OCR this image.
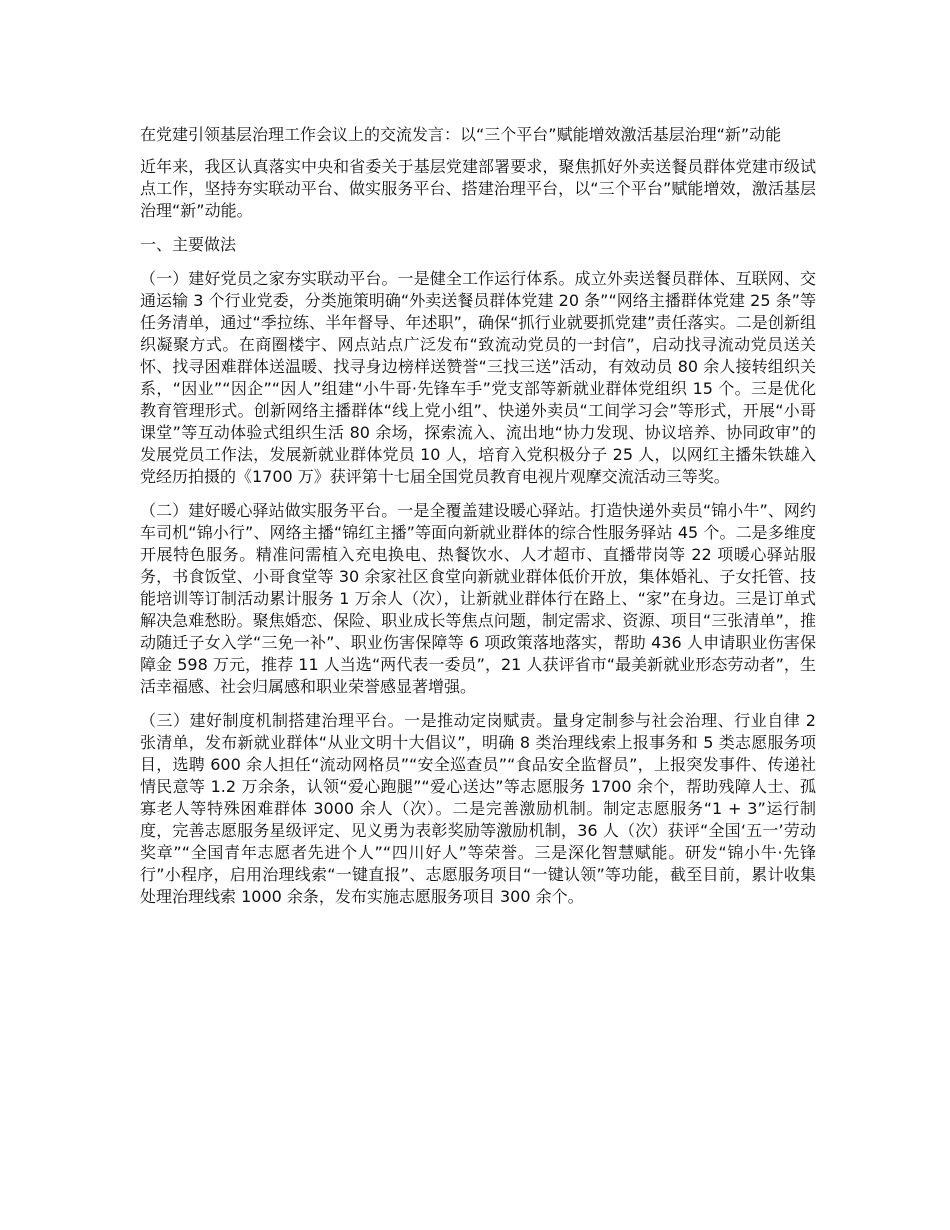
在党建引领基层治理工作会议上的交流发言：以“三个平台”赋能增效激活基层治理“新”动能

近年来，我区认真落实中央和省委关于基层党建部署要求，聚焦抓好外卖送餐员群体党建市级试点工作，坚持夯实联动平台、做实服务平台、搭建治理平台，以“三个平台”赋能增效，激活基层治理“新”动能。

一、主要做法

（一）建好党员之家夯实联动平台。一是健全工作运行体系。成立外卖送餐员群体、互联网、交通运输 3 个行业党委，分类施策明确“外卖送餐员群体党建 20 条”“网络主播群体党建 25 条”等任务清单，通过“季拉练、半年督导、年述职”，确保“抓行业就要抓党建”责任落实。二是创新组织凝聚方式。在商圈楼宇、网点站点广泛发布“致流动党员的一封信”，启动找寻流动党员送关怀、找寻困难群体送温暖、找寻身边榜样送赞誉“三找三送”活动，有效动员 80 余人接转组织关系，“因业”“因企”“因人”组建“小牛哥·先锋车手”党支部等新就业群体党组织 15 个。三是优化教育管理形式。创新网络主播群体“线上党小组”、快递外卖员“工间学习会”等形式，开展“小哥课堂”等互动体验式组织生活 80 余场，探索流入、流出地“协力发现、协议培养、协同政审”的发展党员工作法，发展新就业群体党员 10 人，培育入党积极分子 25 人，以网红主播朱铁雄入党经历拍摄的《1700 万》获评第十七届全国党员教育电视片观摩交流活动三等奖。

（二）建好暖心驿站做实服务平台。一是全覆盖建设暖心驿站。打造快递外卖员“锦小牛”、网约车司机“锦小行”、网络主播“锦红主播”等面向新就业群体的综合性服务驿站 45 个。二是多维度开展特色服务。精准问需植入充电换电、热餐饮水、人才超市、直播带岗等 22 项暖心驿站服务，书食饭堂、小哥食堂等 30 余家社区食堂向新就业群体低价开放，集体婚礼、子女托管、技能培训等订制活动累计服务 1 万余人（次），让新就业群体行在路上、“家”在身边。三是订单式解决急难愁盼。聚焦婚恋、保险、职业成长等焦点问题，制定需求、资源、项目“三张清单”，推动随迁子女入学“三免一补”、职业伤害保障等 6 项政策落地落实，帮助 436 人申请职业伤害保障金 598 万元，推荐 11 人当选“两代表一委员”，21 人获评省市“最美新就业形态劳动者”，生活幸福感、社会归属感和职业荣誉感显著增强。

（三）建好制度机制搭建治理平台。一是推动定岗赋责。量身定制参与社会治理、行业自律 2 张清单，发布新就业群体“从业文明十大倡议”，明确 8 类治理线索上报事务和 5 类志愿服务项目，选聘 600 余人担任“流动网格员”“安全巡查员”“食品安全监督员”，上报突发事件、传递社情民意等 1.2 万余条，认领“爱心跑腿”“爱心送达”等志愿服务 1700 余个，帮助残障人士、孤寡老人等特殊困难群体 3000 余人（次）。二是完善激励机制。制定志愿服务“1 + 3”运行制度，完善志愿服务星级评定、见义勇为表彰奖励等激励机制，36 人（次）获评“全国‘五一’劳动奖章”“全国青年志愿者先进个人”“四川好人”等荣誉。三是深化智慧赋能。研发“锦小牛·先锋行”小程序，启用治理线索“一键直报”、志愿服务项目“一键认领”等功能，截至目前，累计收集处理治理线索 1000 余条，发布实施志愿服务项目 300 余个。
